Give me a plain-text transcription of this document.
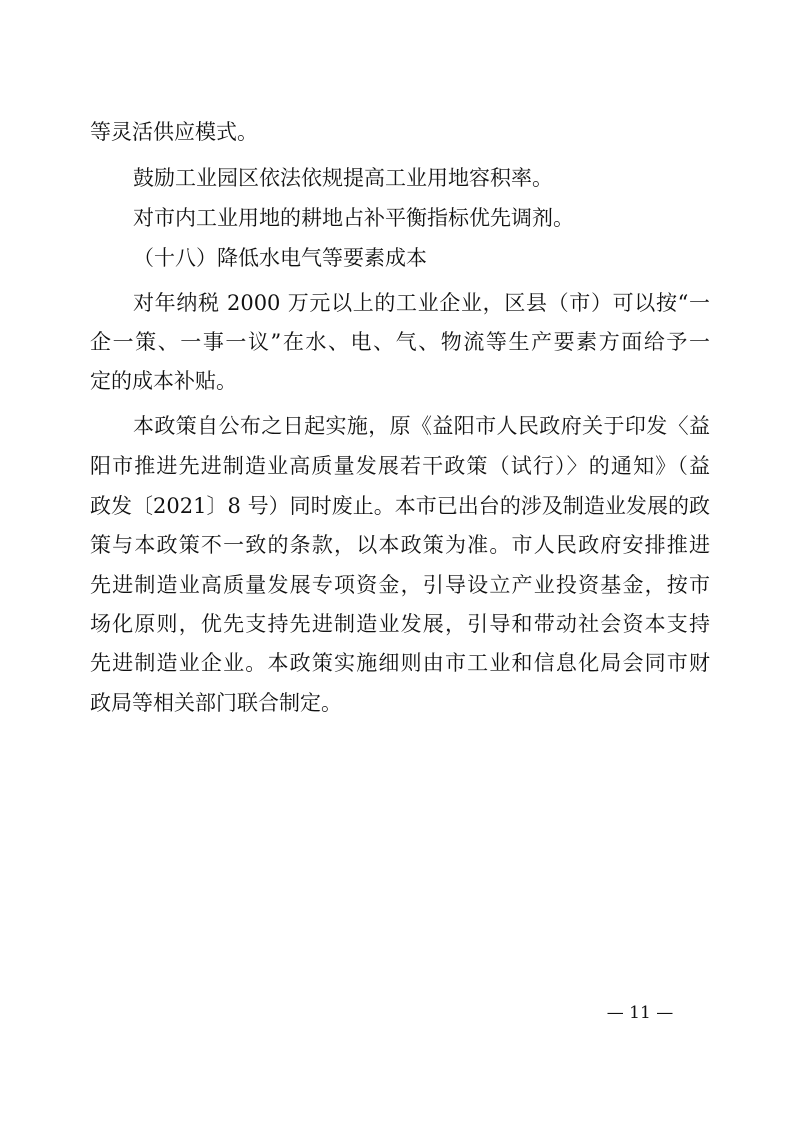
等灵活供应模式。
鼓励工业园区依法依规提高工业用地容积率。
对市内工业用地的耕地占补平衡指标优先调剂。
（十八）降低水电气等要素成本
对年纳税 2000 万元以上的工业企业，区县（市）可以按“一
企一策、一事一议”在水、电、气、物流等生产要素方面给予一
定的成本补贴。
本政策自公布之日起实施，原《益阳市人民政府关于印发〈益
阳市推进先进制造业高质量发展若干政策（试行）〉的通知》（益
政发〔2021〕8 号）同时废止。本市已出台的涉及制造业发展的政
策与本政策不一致的条款，以本政策为准。市人民政府安排推进
先进制造业高质量发展专项资金，引导设立产业投资基金，按市
场化原则，优先支持先进制造业发展，引导和带动社会资本支持
先进制造业企业。本政策实施细则由市工业和信息化局会同市财
政局等相关部门联合制定。
— 11 —
